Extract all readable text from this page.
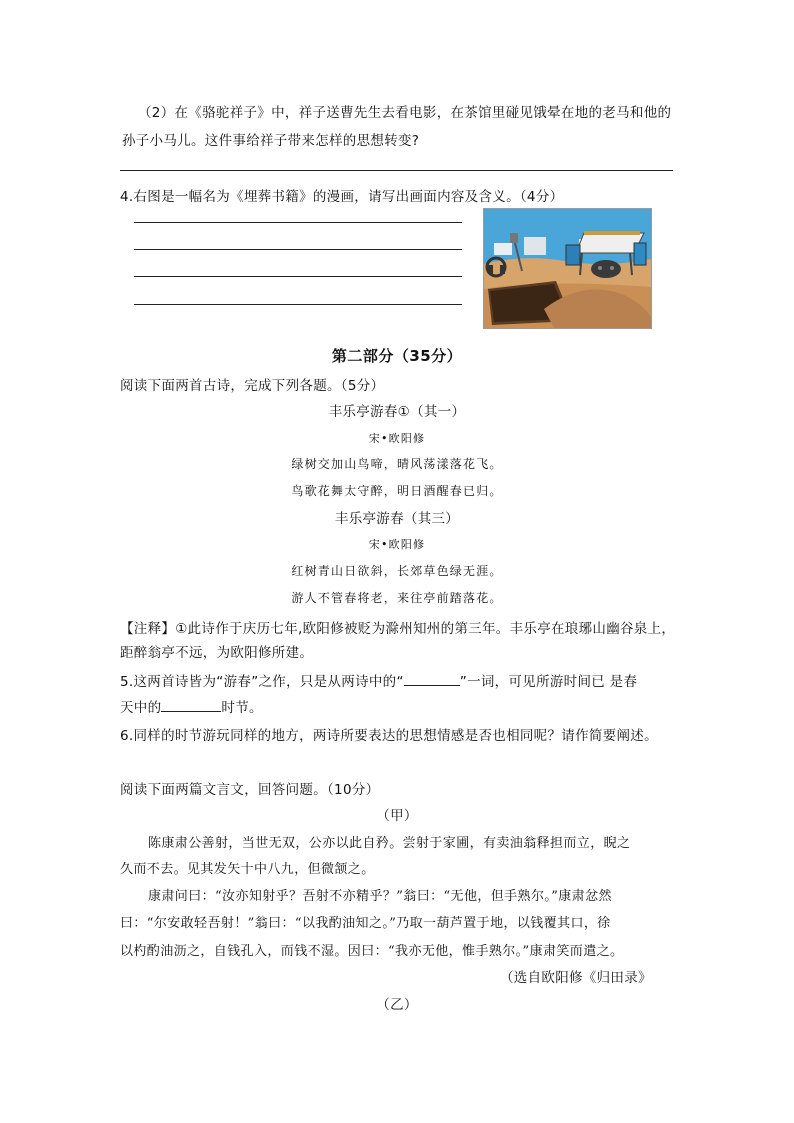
（2）在《骆驼祥子》中，祥子送曹先生去看电影，在茶馆里碰见饿晕在地的老马和他的
孙子小马儿。这件事给祥子带来怎样的思想转变?
4.右图是一幅名为《埋葬书籍》的漫画，请写出画面内容及含义。（4分）
第二部分（35分）
阅读下面两首古诗，完成下列各题。（5分）
丰乐亭游春①（其一）
宋•欧阳修
绿树交加山鸟啼，晴风荡漾落花飞。
鸟歌花舞太守醉，明日酒醒春已归。
丰乐亭游春（其三）
宋•欧阳修
红树青山日欲斜，长郊草色绿无涯。
游人不管春将老，来往亭前踏落花。
【注释】①此诗作于庆历七年,欧阳修被贬为滁州知州的第三年。丰乐亭在琅琊山幽谷泉上，
距醉翁亭不远，为欧阳修所建。
5.这两首诗皆为“游春”之作，只是从两诗中的“	”一词，可见所游时间已 是春
天中的	时节。
6.同样的时节游玩同样的地方，两诗所要表达的思想情感是否也相同呢？请作简要阐述。
阅读下面两篇文言文，回答问题。（10分）
（甲）
陈康肃公善射，当世无双，公亦以此自矜。尝射于家圃，有卖油翁释担而立，睨之
久而不去。见其发矢十中八九，但微颔之。
康肃问曰：“汝亦知射乎？吾射不亦精乎？”翁曰：“无他，但手熟尔。”康肃忿然
曰：“尔安敢轻吾射！”翁曰：“以我酌油知之。”乃取一葫芦置于地，以钱覆其口，徐
以杓酌油沥之，自钱孔入，而钱不湿。因曰：“我亦无他，惟手熟尔。”康肃笑而遣之。
（选自欧阳修《归田录》
（乙）
